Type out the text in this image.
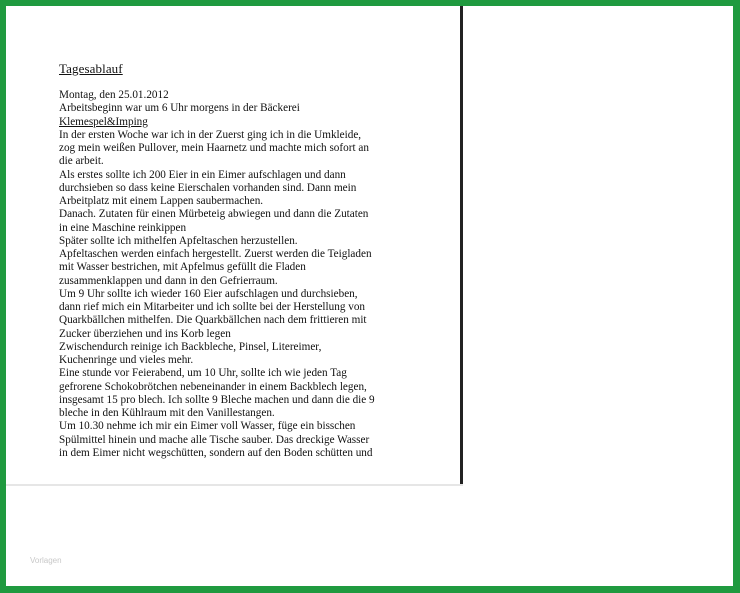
Tagesablauf
Montag, den 25.01.2012
Arbeitsbeginn war um 6 Uhr morgens in der Bäckerei
Klemespel&Imping
In der ersten Woche war ich in der Zuerst ging ich in die Umkleide,
zog mein weißen Pullover, mein Haarnetz und machte mich sofort an
die arbeit.
Als erstes sollte ich 200 Eier in ein Eimer aufschlagen und dann
durchsieben so dass keine Eierschalen vorhanden sind. Dann mein
Arbeitplatz mit einem Lappen saubermachen.
Danach. Zutaten für einen Mürbeteig abwiegen und dann die Zutaten
in eine Maschine reinkippen
Später sollte ich mithelfen Apfeltaschen herzustellen.
Apfeltaschen werden einfach hergestellt. Zuerst werden die Teigladen
mit Wasser bestrichen, mit Apfelmus gefüllt die Fladen
zusammenklappen und dann in den Gefrierraum.
Um 9 Uhr sollte ich wieder 160 Eier aufschlagen und durchsieben,
dann rief mich ein Mitarbeiter und ich sollte bei der Herstellung von
Quarkbällchen mithelfen. Die Quarkbällchen nach dem frittieren mit
Zucker überziehen und ins Korb legen
Zwischendurch reinige ich Backbleche, Pinsel, Litereimer,
Kuchenringe und vieles mehr.
Eine stunde vor Feierabend, um 10 Uhr, sollte ich wie jeden Tag
gefrorene Schokobrötchen nebeneinander in einem Backblech legen,
insgesamt 15 pro blech. Ich sollte 9 Bleche machen und dann die die 9
bleche in den Kühlraum mit den Vanillestangen.
Um 10.30 nehme ich mir ein Eimer voll Wasser, füge ein bisschen
Spülmittel hinein und mache alle Tische sauber. Das dreckige Wasser
in dem Eimer nicht wegschütten, sondern auf den Boden schütten und
Vorlagen
